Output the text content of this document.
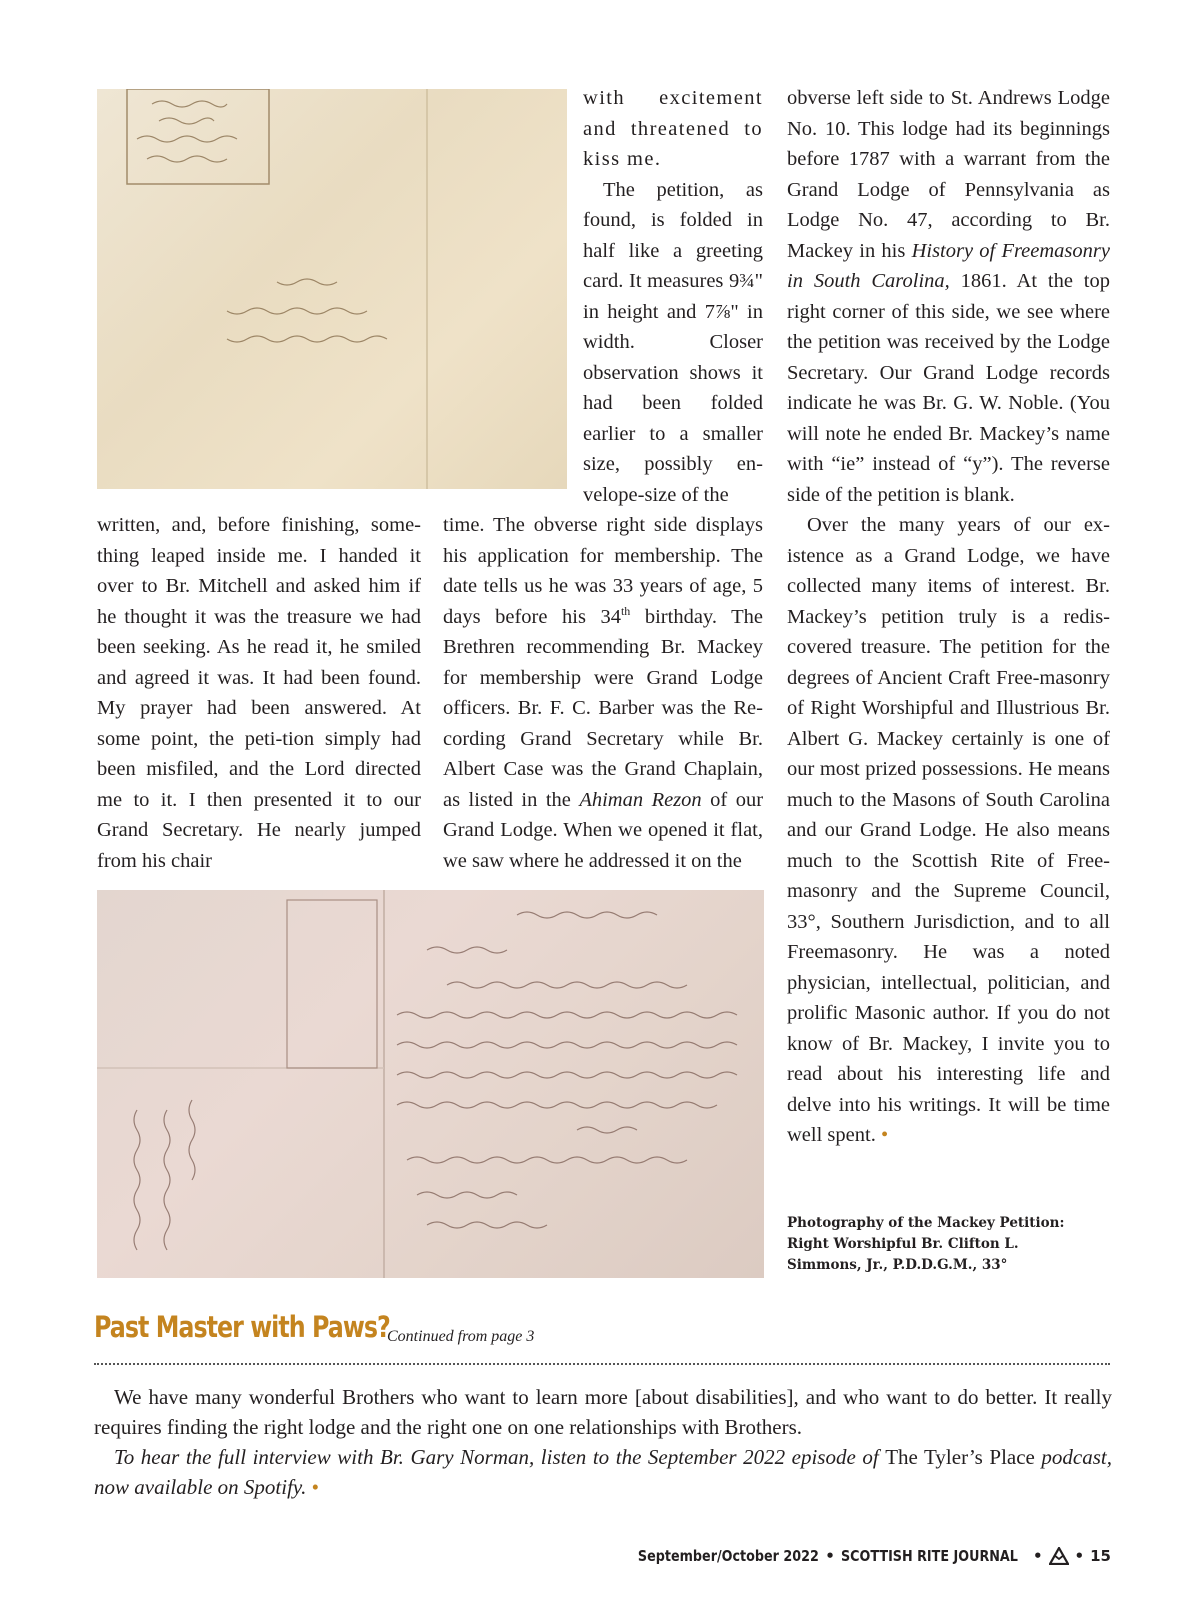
with excitement and threatened to kiss me.

The petition, as found, is folded in half like a greeting card. It measures 9¾" in height and 7⅞" in width. Closer observation shows it had been folded earlier to a smaller size, possibly en-velope-size of the

written, and, before finishing, some-thing leaped inside me. I handed it over to Br. Mitchell and asked him if he thought it was the treasure we had been seeking. As he read it, he smiled and agreed it was. It had been found. My prayer had been answered. At some point, the peti-tion simply had been misfiled, and the Lord directed me to it. I then presented it to our Grand Secretary. He nearly jumped from his chair

time. The obverse right side displays his application for membership. The date tells us he was 33 years of age, 5 days before his 34th birthday. The Brethren recommending Br. Mackey for membership were Grand Lodge officers. Br. F. C. Barber was the Re-cording Grand Secretary while Br. Albert Case was the Grand Chaplain, as listed in the Ahiman Rezon of our Grand Lodge. When we opened it flat, we saw where he addressed it on the

obverse left side to St. Andrews Lodge No. 10. This lodge had its beginnings before 1787 with a warrant from the Grand Lodge of Pennsylvania as Lodge No. 47, according to Br. Mackey in his History of Freemasonry in South Carolina, 1861. At the top right corner of this side, we see where the petition was received by the Lodge Secretary. Our Grand Lodge records indicate he was Br. G. W. Noble. (You will note he ended Br. Mackey’s name with “ie” instead of “y”). The reverse side of the petition is blank.

Over the many years of our ex-istence as a Grand Lodge, we have collected many items of interest. Br. Mackey’s petition truly is a redis-covered treasure. The petition for the degrees of Ancient Craft Free-masonry of Right Worshipful and Illustrious Br. Albert G. Mackey certainly is one of our most prized possessions. He means much to the Masons of South Carolina and our Grand Lodge. He also means much to the Scottish Rite of Free-masonry and the Supreme Council, 33°, Southern Jurisdiction, and to all Freemasonry. He was a noted physician, intellectual, politician, and prolific Masonic author. If you do not know of Br. Mackey, I invite you to read about his interesting life and delve into his writings. It will be time well spent. •

Photography of the Mackey Petition: Right Worshipful Br. Clifton L. Simmons, Jr., P.D.D.G.M., 33°
Past Master with Paws?
Continued from page 3

We have many wonderful Brothers who want to learn more [about disabilities], and who want to do better. It really requires finding the right lodge and the right one on one relationships with Brothers.

To hear the full interview with Br. Gary Norman, listen to the September 2022 episode of The Tyler’s Place podcast, now available on Spotify. •

September/October 2022 • SCOTTISH RITE JOURNAL • • 15
